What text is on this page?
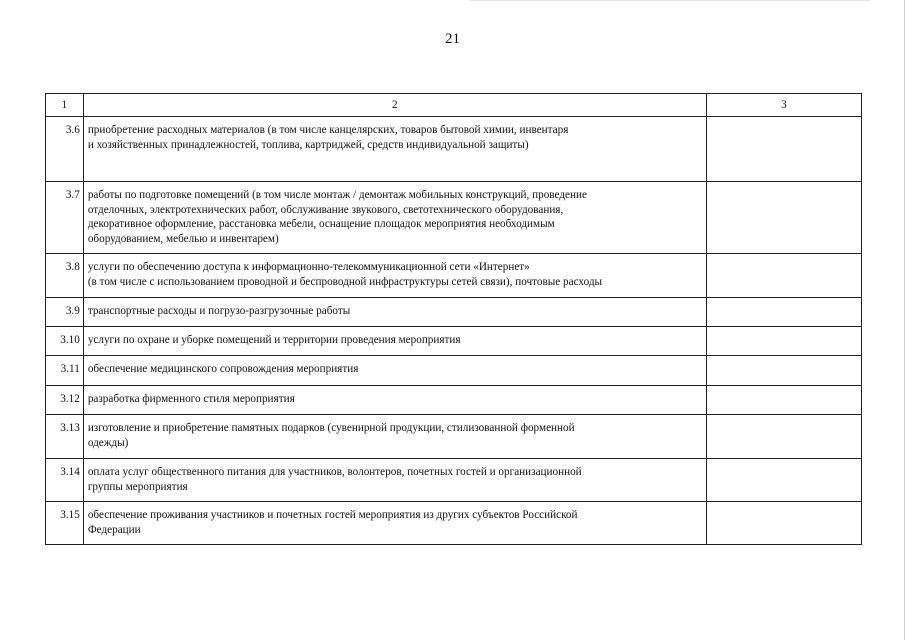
21
1	2	3

3.6	приобретение расходных материалов (в том числе канцелярских, товаров бытовой химии, инвентаря
и хозяйственных принадлежностей, топлива, картриджей, средств индивидуальной защиты)	

3.7	работы по подготовке помещений (в том числе монтаж / демонтаж мобильных конструкций, проведение
отделочных, электротехнических работ, обслуживание звукового, светотехнического оборудования,
декоративное оформление, расстановка мебели, оснащение площадок мероприятия необходимым
оборудованием, мебелью и инвентарем)	

3.8	услуги по обеспечению доступа к информационно-телекоммуникационной сети «Интернет»
(в том числе с использованием проводной и беспроводной инфраструктуры сетей связи), почтовые расходы	

3.9	транспортные расходы и погрузо-разгрузочные работы	

3.10	услуги по охране и уборке помещений и территории проведения мероприятия	

3.11	обеспечение медицинского сопровождения мероприятия	

3.12	разработка фирменного стиля мероприятия	

3.13	изготовление и приобретение памятных подарков (сувенирной продукции, стилизованной форменной
одежды)	

3.14	оплата услуг общественного питания для участников, волонтеров, почетных гостей и организационной
группы мероприятия	

3.15	обеспечение проживания участников и почетных гостей мероприятия из других субъектов Российской
Федерации	
